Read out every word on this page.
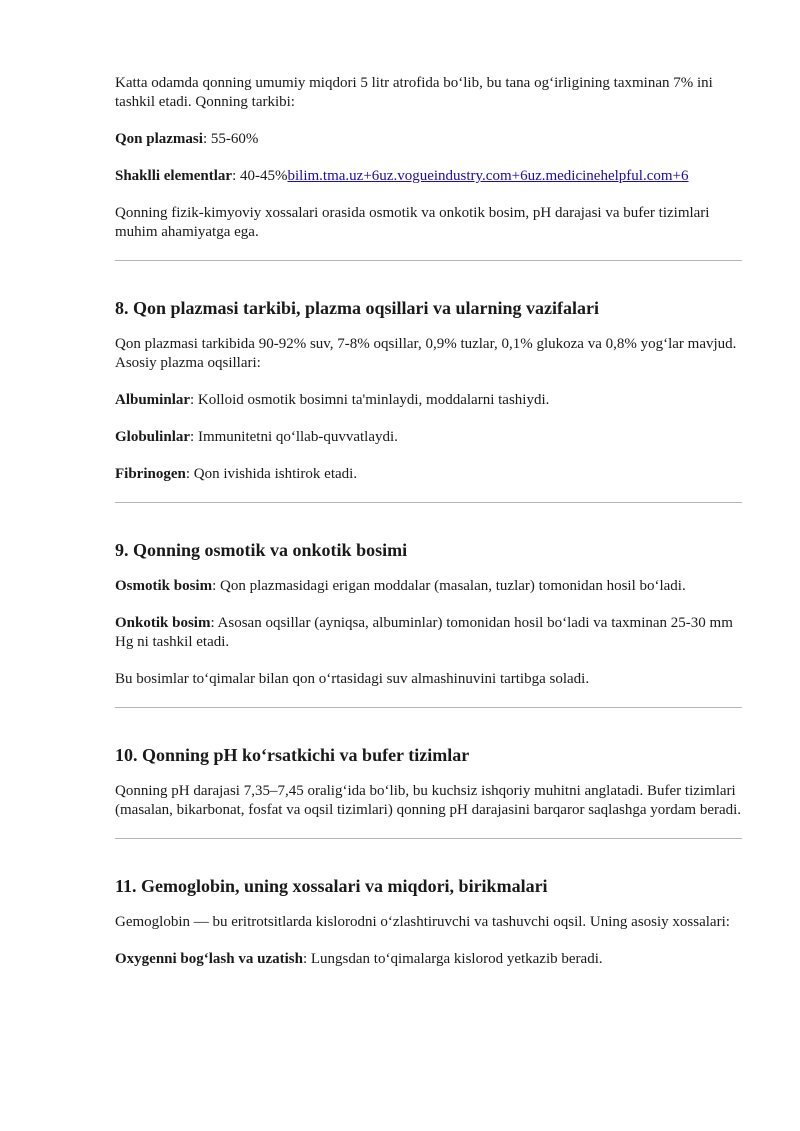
Katta odamda qonning umumiy miqdori 5 litr atrofida bo‘lib, bu tana og‘irligining taxminan 7% ini tashkil etadi. Qonning tarkibi:

Qon plazmasi: 55-60%

Shaklli elementlar: 40-45%bilim.tma.uz+6uz.vogueindustry.com+6uz.medicinehelpful.com+6

Qonning fizik-kimyoviy xossalari orasida osmotik va onkotik bosim, pH darajasi va bufer tizimlari muhim ahamiyatga ega.

8. Qon plazmasi tarkibi, plazma oqsillari va ularning vazifalari

Qon plazmasi tarkibida 90-92% suv, 7-8% oqsillar, 0,9% tuzlar, 0,1% glukoza va 0,8% yog‘lar mavjud. Asosiy plazma oqsillari:

Albuminlar: Kolloid osmotik bosimni ta'minlaydi, moddalarni tashiydi.

Globulinlar: Immunitetni qo‘llab-quvvatlaydi.

Fibrinogen: Qon ivishida ishtirok etadi.

9. Qonning osmotik va onkotik bosimi

Osmotik bosim: Qon plazmasidagi erigan moddalar (masalan, tuzlar) tomonidan hosil bo‘ladi.

Onkotik bosim: Asosan oqsillar (ayniqsa, albuminlar) tomonidan hosil bo‘ladi va taxminan 25-30 mm Hg ni tashkil etadi.

Bu bosimlar to‘qimalar bilan qon o‘rtasidagi suv almashinuvini tartibga soladi.

10. Qonning pH ko‘rsatkichi va bufer tizimlar

Qonning pH darajasi 7,35–7,45 oralig‘ida bo‘lib, bu kuchsiz ishqoriy muhitni anglatadi. Bufer tizimlari (masalan, bikarbonat, fosfat va oqsil tizimlari) qonning pH darajasini barqaror saqlashga yordam beradi.

11. Gemoglobin, uning xossalari va miqdori, birikmalari

Gemoglobin — bu eritrotsitlarda kislorodni o‘zlashtiruvchi va tashuvchi oqsil. Uning asosiy xossalari:

Oxygenni bog‘lash va uzatish: Lungsdan to‘qimalarga kislorod yetkazib beradi.
